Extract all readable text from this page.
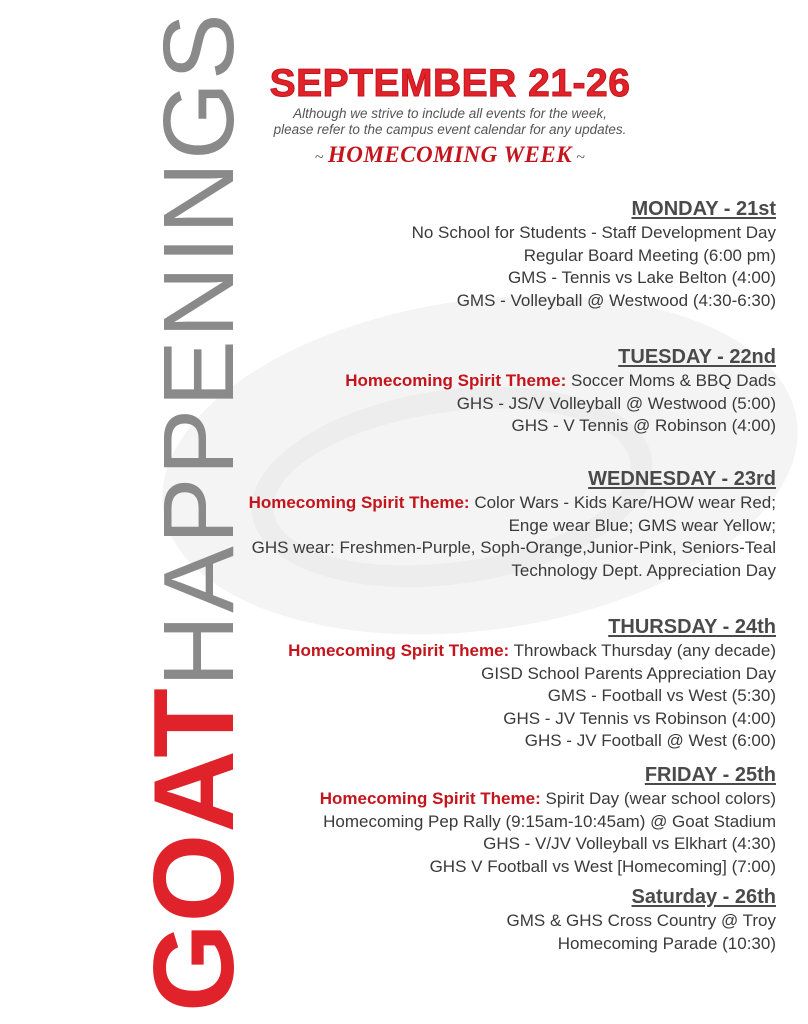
GOATHAPPENINGS SEPTEMBER 21-26
Although we strive to include all events for the week,
please refer to the campus event calendar for any updates.
~ HOMECOMING WEEK ~
MONDAY - 21st
No School for Students - Staff Development Day
Regular Board Meeting (6:00 pm)
GMS - Tennis vs Lake Belton (4:00)
GMS - Volleyball @ Westwood (4:30-6:30)
TUESDAY - 22nd
Homecoming Spirit Theme: Soccer Moms & BBQ Dads
GHS - JS/V Volleyball @ Westwood (5:00)
GHS - V Tennis @ Robinson (4:00)
WEDNESDAY - 23rd
Homecoming Spirit Theme: Color Wars - Kids Kare/HOW wear Red;
Enge wear Blue; GMS wear Yellow;
GHS wear: Freshmen-Purple, Soph-Orange,Junior-Pink, Seniors-Teal
Technology Dept. Appreciation Day
THURSDAY - 24th
Homecoming Spirit Theme: Throwback Thursday (any decade)
GISD School Parents Appreciation Day
GMS - Football vs West (5:30)
GHS - JV Tennis vs Robinson (4:00)
GHS - JV Football @ West (6:00)
FRIDAY - 25th
Homecoming Spirit Theme: Spirit Day (wear school colors)
Homecoming Pep Rally (9:15am-10:45am) @ Goat Stadium
GHS - V/JV Volleyball vs Elkhart (4:30)
GHS V Football vs West [Homecoming] (7:00)
Saturday - 26th
GMS & GHS Cross Country @ Troy
Homecoming Parade (10:30)
